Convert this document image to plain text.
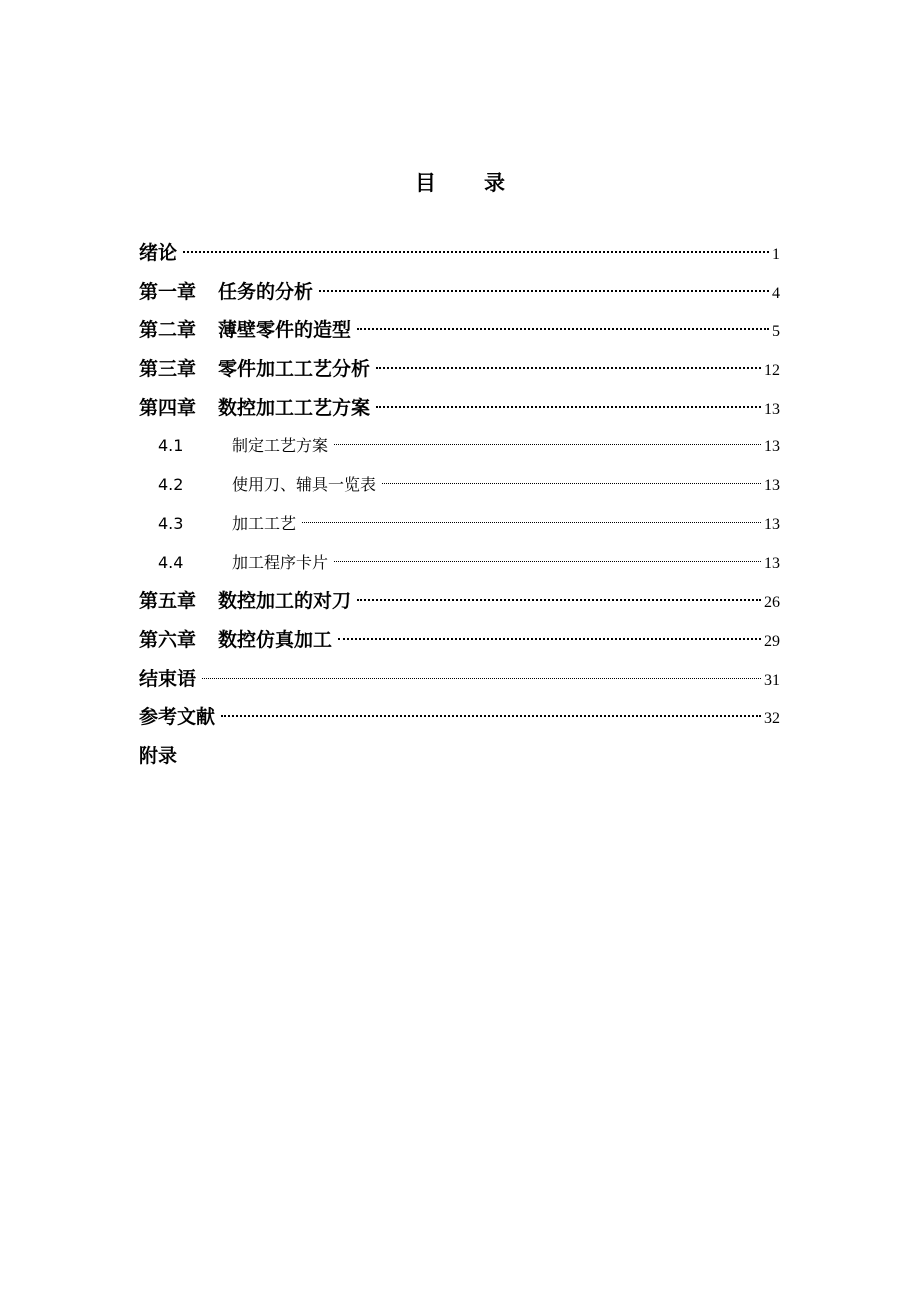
目录
绪论	1
第一章 任务的分析	4
第二章 薄壁零件的造型	5
第三章 零件加工工艺分析	12
第四章 数控加工工艺方案	13
4.1	制定工艺方案	13
4.2	使用刀、辅具一览表	13
4.3	加工工艺	13
4.4	加工程序卡片	13
第五章 数控加工的对刀	26
第六章 数控仿真加工	29
结束语	31
参考文献	32
附录
